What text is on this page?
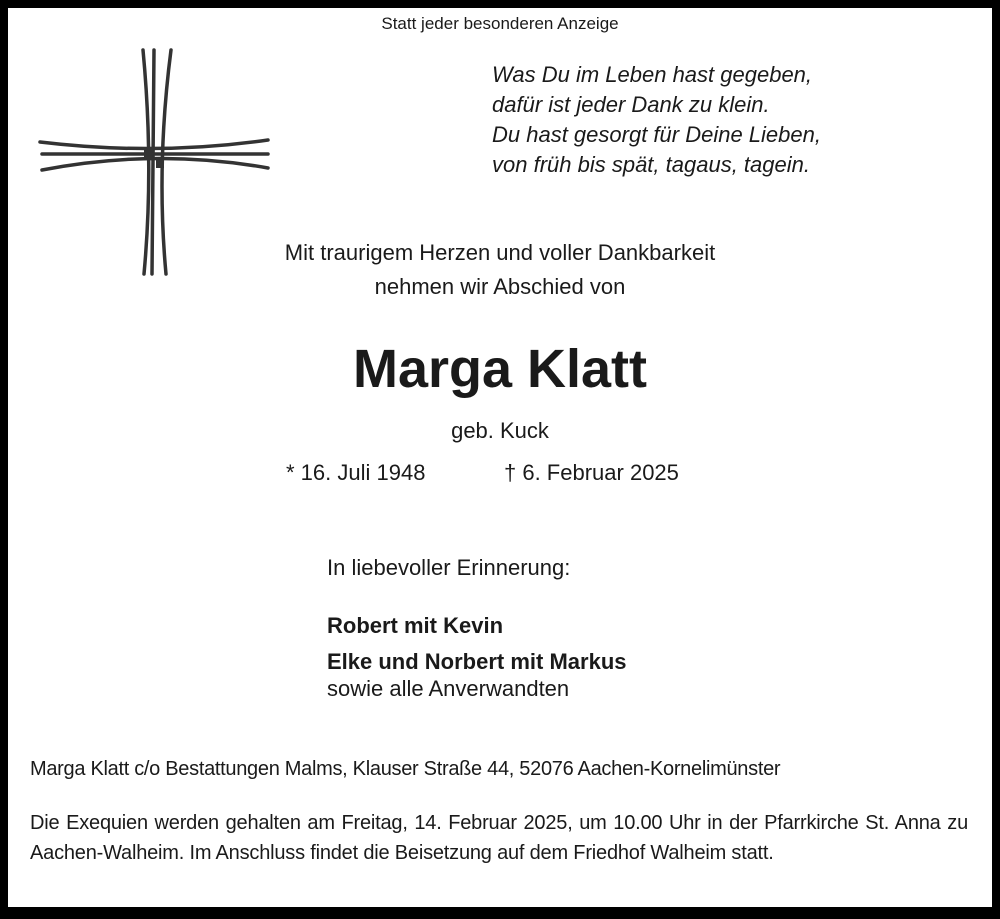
Statt jeder besonderen Anzeige
Was Du im Leben hast gegeben,
dafür ist jeder Dank zu klein.
Du hast gesorgt für Deine Lieben,
von früh bis spät, tagaus, tagein.
Mit traurigem Herzen und voller Dankbarkeit
nehmen wir Abschied von
Marga Klatt
geb. Kuck
* 16. Juli 1948	† 6. Februar 2025
In liebevoller Erinnerung:
Robert mit Kevin
Elke und Norbert mit Markus
sowie alle Anverwandten
Marga Klatt c/o Bestattungen Malms, Klauser Straße 44, 52076 Aachen-Kornelimünster
Die Exequien werden gehalten am Freitag, 14. Februar 2025, um 10.00 Uhr in der Pfarrkirche St. Anna zu Aachen-Walheim. Im Anschluss findet die Beisetzung auf dem Friedhof Walheim statt.
